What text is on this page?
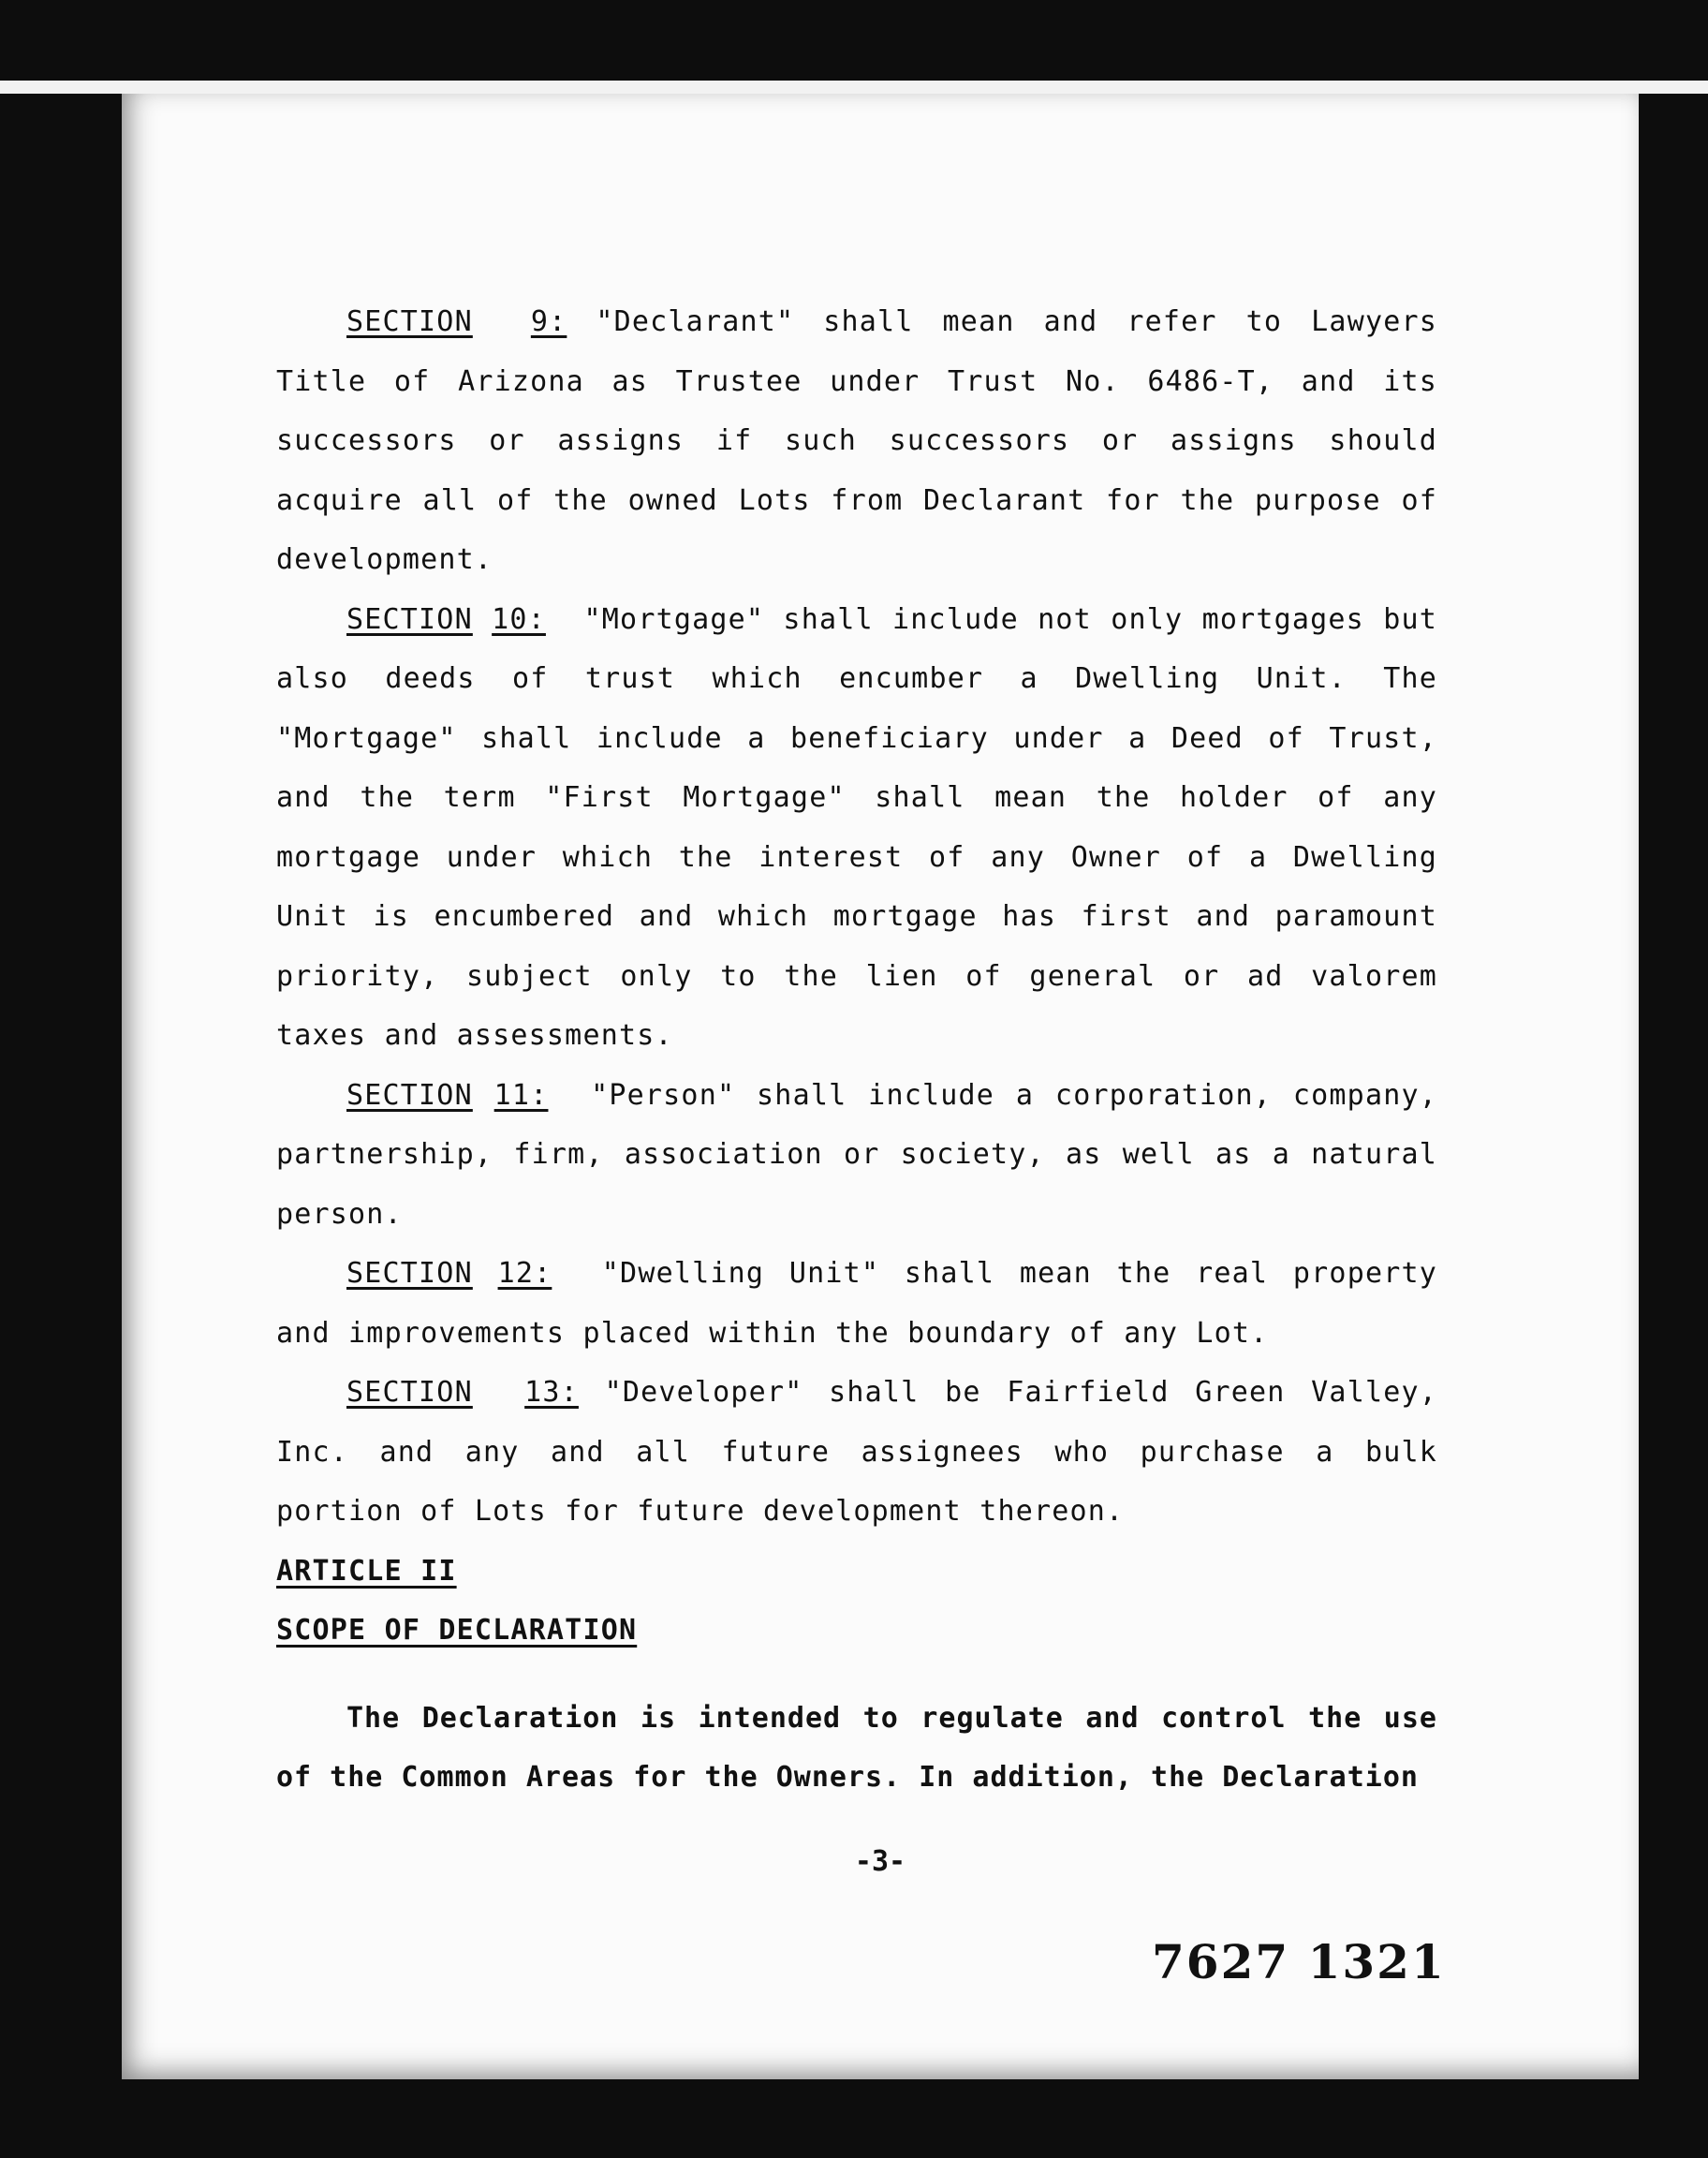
SECTION 9: "Declarant" shall mean and refer to Lawyers Title of Arizona as Trustee under Trust No. 6486-T, and its successors or assigns if such successors or assigns should acquire all of the owned Lots from Declarant for the purpose of development.

SECTION 10: "Mortgage" shall include not only mortgages but also deeds of trust which encumber a Dwelling Unit. The "Mortgage" shall include a beneficiary under a Deed of Trust, and the term "First Mortgage" shall mean the holder of any mortgage under which the interest of any Owner of a Dwelling Unit is encumbered and which mortgage has first and paramount priority, subject only to the lien of general or ad valorem taxes and assessments.

SECTION 11: "Person" shall include a corporation, company, partnership, firm, association or society, as well as a natural person.

SECTION 12: "Dwelling Unit" shall mean the real property and improvements placed within the boundary of any Lot.

SECTION 13: "Developer" shall be Fairfield Green Valley, Inc. and any and all future assignees who purchase a bulk portion of Lots for future development thereon.

ARTICLE II

SCOPE OF DECLARATION

The Declaration is intended to regulate and control the use of the Common Areas for the Owners. In addition, the Declaration

-3-
7627 1321
